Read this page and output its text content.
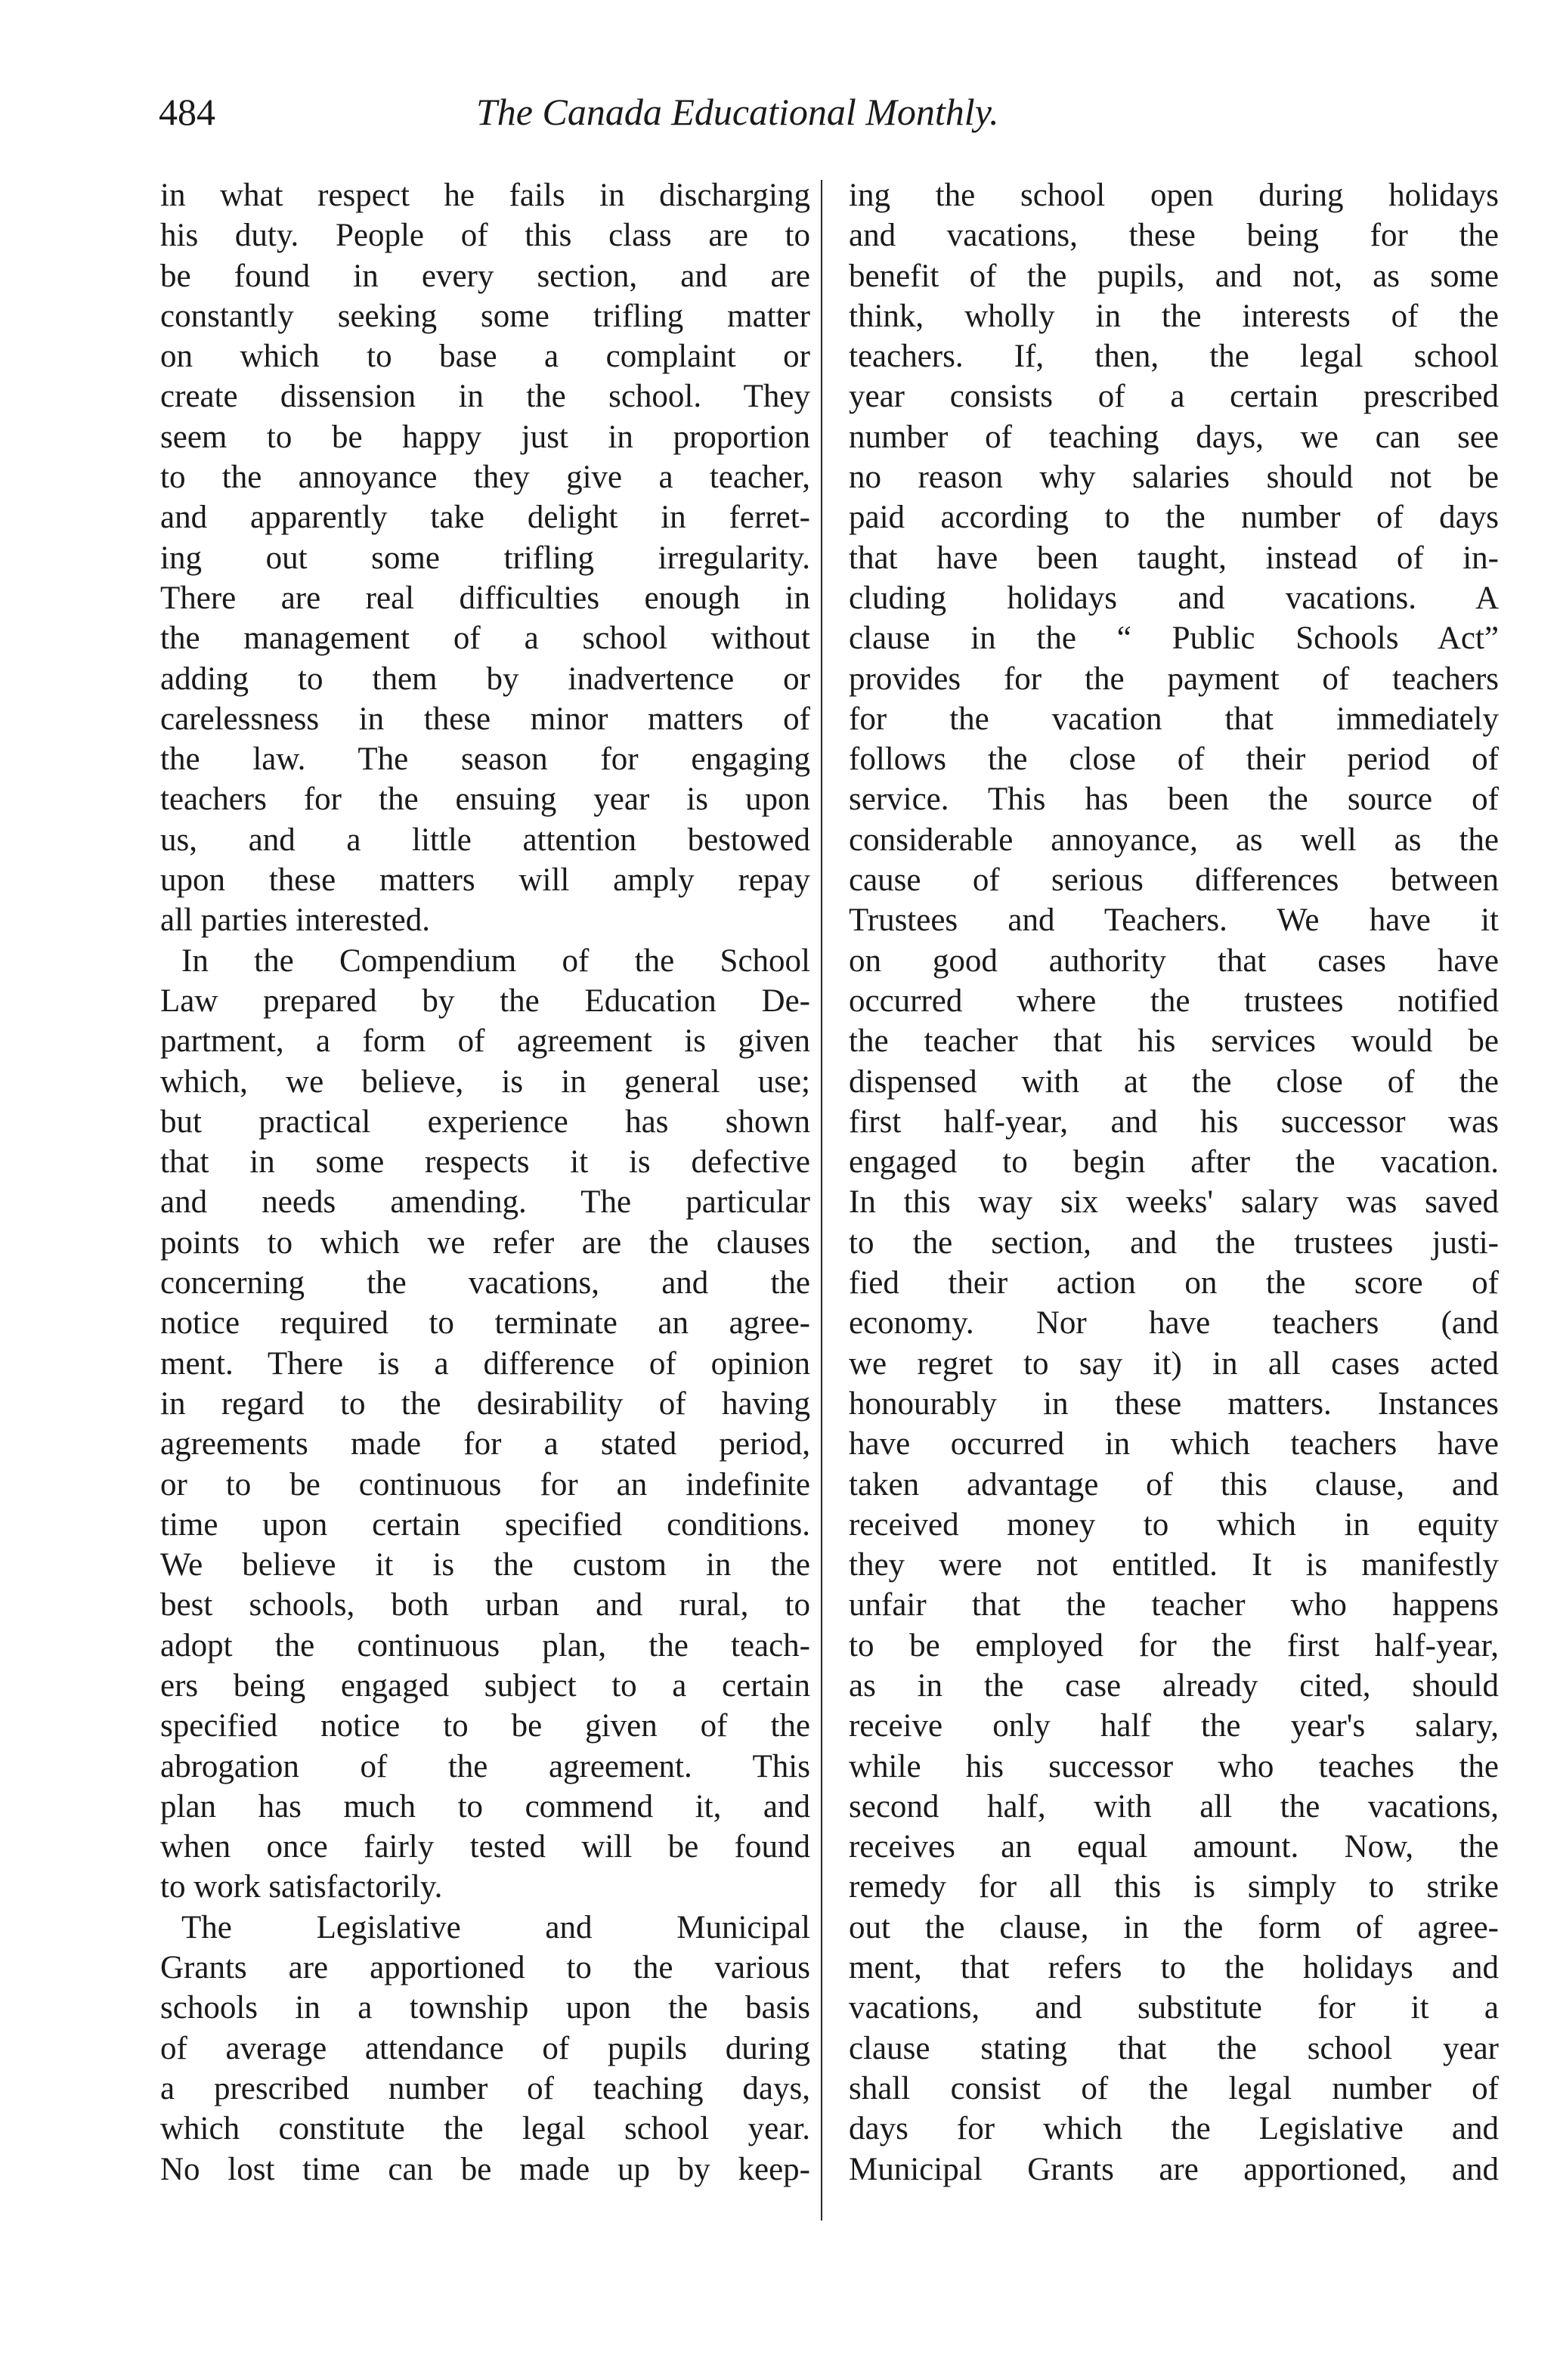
484	The Canada Educational Monthly.
in what respect he fails in discharging
his duty. People of this class are to
be found in every section, and are
constantly seeking some trifling matter
on which to base a complaint or
create dissension in the school. They
seem to be happy just in proportion
to the annoyance they give a teacher,
and apparently take delight in ferret-
ing out some trifling irregularity.
There are real difficulties enough in
the management of a school without
adding to them by inadvertence or
carelessness in these minor matters of
the law. The season for engaging
teachers for the ensuing year is upon
us, and a little attention bestowed
upon these matters will amply repay
all parties interested.
In the Compendium of the School
Law prepared by the Education De-
partment, a form of agreement is given
which, we believe, is in general use;
but practical experience has shown
that in some respects it is defective
and needs amending. The particular
points to which we refer are the clauses
concerning the vacations, and the
notice required to terminate an agree-
ment. There is a difference of opinion
in regard to the desirability of having
agreements made for a stated period,
or to be continuous for an indefinite
time upon certain specified conditions.
We believe it is the custom in the
best schools, both urban and rural, to
adopt the continuous plan, the teach-
ers being engaged subject to a certain
specified notice to be given of the
abrogation of the agreement. This
plan has much to commend it, and
when once fairly tested will be found
to work satisfactorily.
The Legislative and Municipal
Grants are apportioned to the various
schools in a township upon the basis
of average attendance of pupils during
a prescribed number of teaching days,
which constitute the legal school year.
No lost time can be made up by keep-
ing the school open during holidays
and vacations, these being for the
benefit of the pupils, and not, as some
think, wholly in the interests of the
teachers. If, then, the legal school
year consists of a certain prescribed
number of teaching days, we can see
no reason why salaries should not be
paid according to the number of days
that have been taught, instead of in-
cluding holidays and vacations. A
clause in the “ Public Schools Act”
provides for the payment of teachers
for the vacation that immediately
follows the close of their period of
service. This has been the source of
considerable annoyance, as well as the
cause of serious differences between
Trustees and Teachers. We have it
on good authority that cases have
occurred where the trustees notified
the teacher that his services would be
dispensed with at the close of the
first half-year, and his successor was
engaged to begin after the vacation.
In this way six weeks' salary was saved
to the section, and the trustees justi-
fied their action on the score of
economy. Nor have teachers (and
we regret to say it) in all cases acted
honourably in these matters. Instances
have occurred in which teachers have
taken advantage of this clause, and
received money to which in equity
they were not entitled. It is manifestly
unfair that the teacher who happens
to be employed for the first half-year,
as in the case already cited, should
receive only half the year's salary,
while his successor who teaches the
second half, with all the vacations,
receives an equal amount. Now, the
remedy for all this is simply to strike
out the clause, in the form of agree-
ment, that refers to the holidays and
vacations, and substitute for it a
clause stating that the school year
shall consist of the legal number of
days for which the Legislative and
Municipal Grants are apportioned, and
